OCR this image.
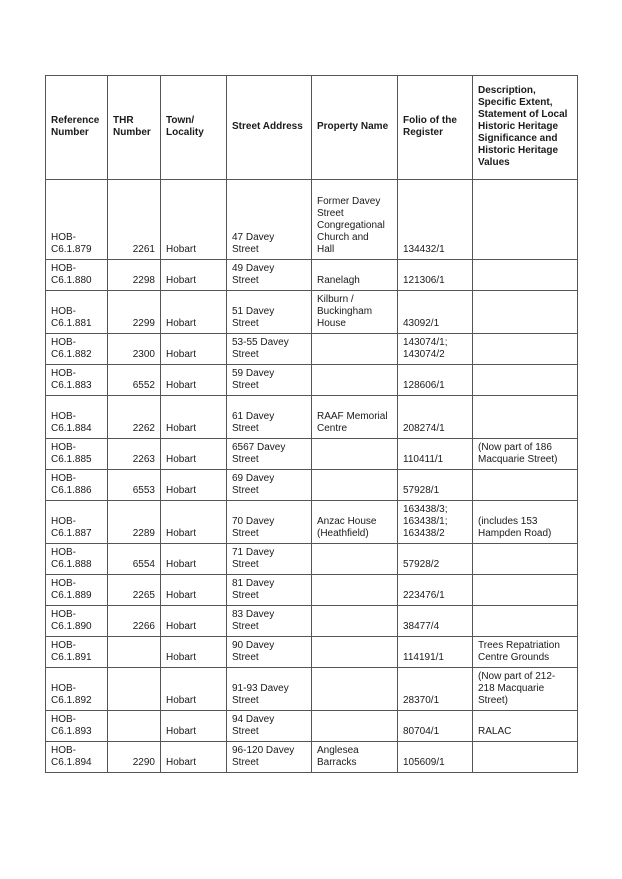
Reference Number	THR Number	Town/ Locality	Street Address	Property Name	Folio of the Register	Description, Specific Extent, Statement of Local Historic Heritage Significance and Historic Heritage Values
HOB-
C6.1.879	2261	Hobart	47 Davey
Street	Former Davey
Street
Congregational
Church and
Hall	134432/1	
HOB-
C6.1.880	2298	Hobart	49 Davey
Street	Ranelagh	121306/1	
HOB-
C6.1.881	2299	Hobart	51 Davey
Street	Kilburn /
Buckingham
House	43092/1	
HOB-
C6.1.882	2300	Hobart	53-55 Davey
Street		143074/1;
143074/2	
HOB-
C6.1.883	6552	Hobart	59 Davey
Street		128606/1	
HOB-
C6.1.884	2262	Hobart	61 Davey
Street	RAAF Memorial
Centre	208274/1	
HOB-
C6.1.885	2263	Hobart	6567 Davey
Street		110411/1	(Now part of 186
Macquarie Street)
HOB-
C6.1.886	6553	Hobart	69 Davey
Street		57928/1	
HOB-
C6.1.887	2289	Hobart	70 Davey
Street	Anzac House
(Heathfield)	163438/3;
163438/1;
163438/2	(includes 153
Hampden Road)
HOB-
C6.1.888	6554	Hobart	71 Davey
Street		57928/2	
HOB-
C6.1.889	2265	Hobart	81 Davey
Street		223476/1	
HOB-
C6.1.890	2266	Hobart	83 Davey
Street		38477/4	
HOB-
C6.1.891		Hobart	90 Davey
Street		114191/1	Trees Repatriation
Centre Grounds
HOB-
C6.1.892		Hobart	91-93 Davey
Street		28370/1	(Now part of 212-
218 Macquarie
Street)
HOB-
C6.1.893		Hobart	94 Davey
Street		80704/1	RALAC
HOB-
C6.1.894	2290	Hobart	96-120 Davey
Street	Anglesea
Barracks	105609/1	
